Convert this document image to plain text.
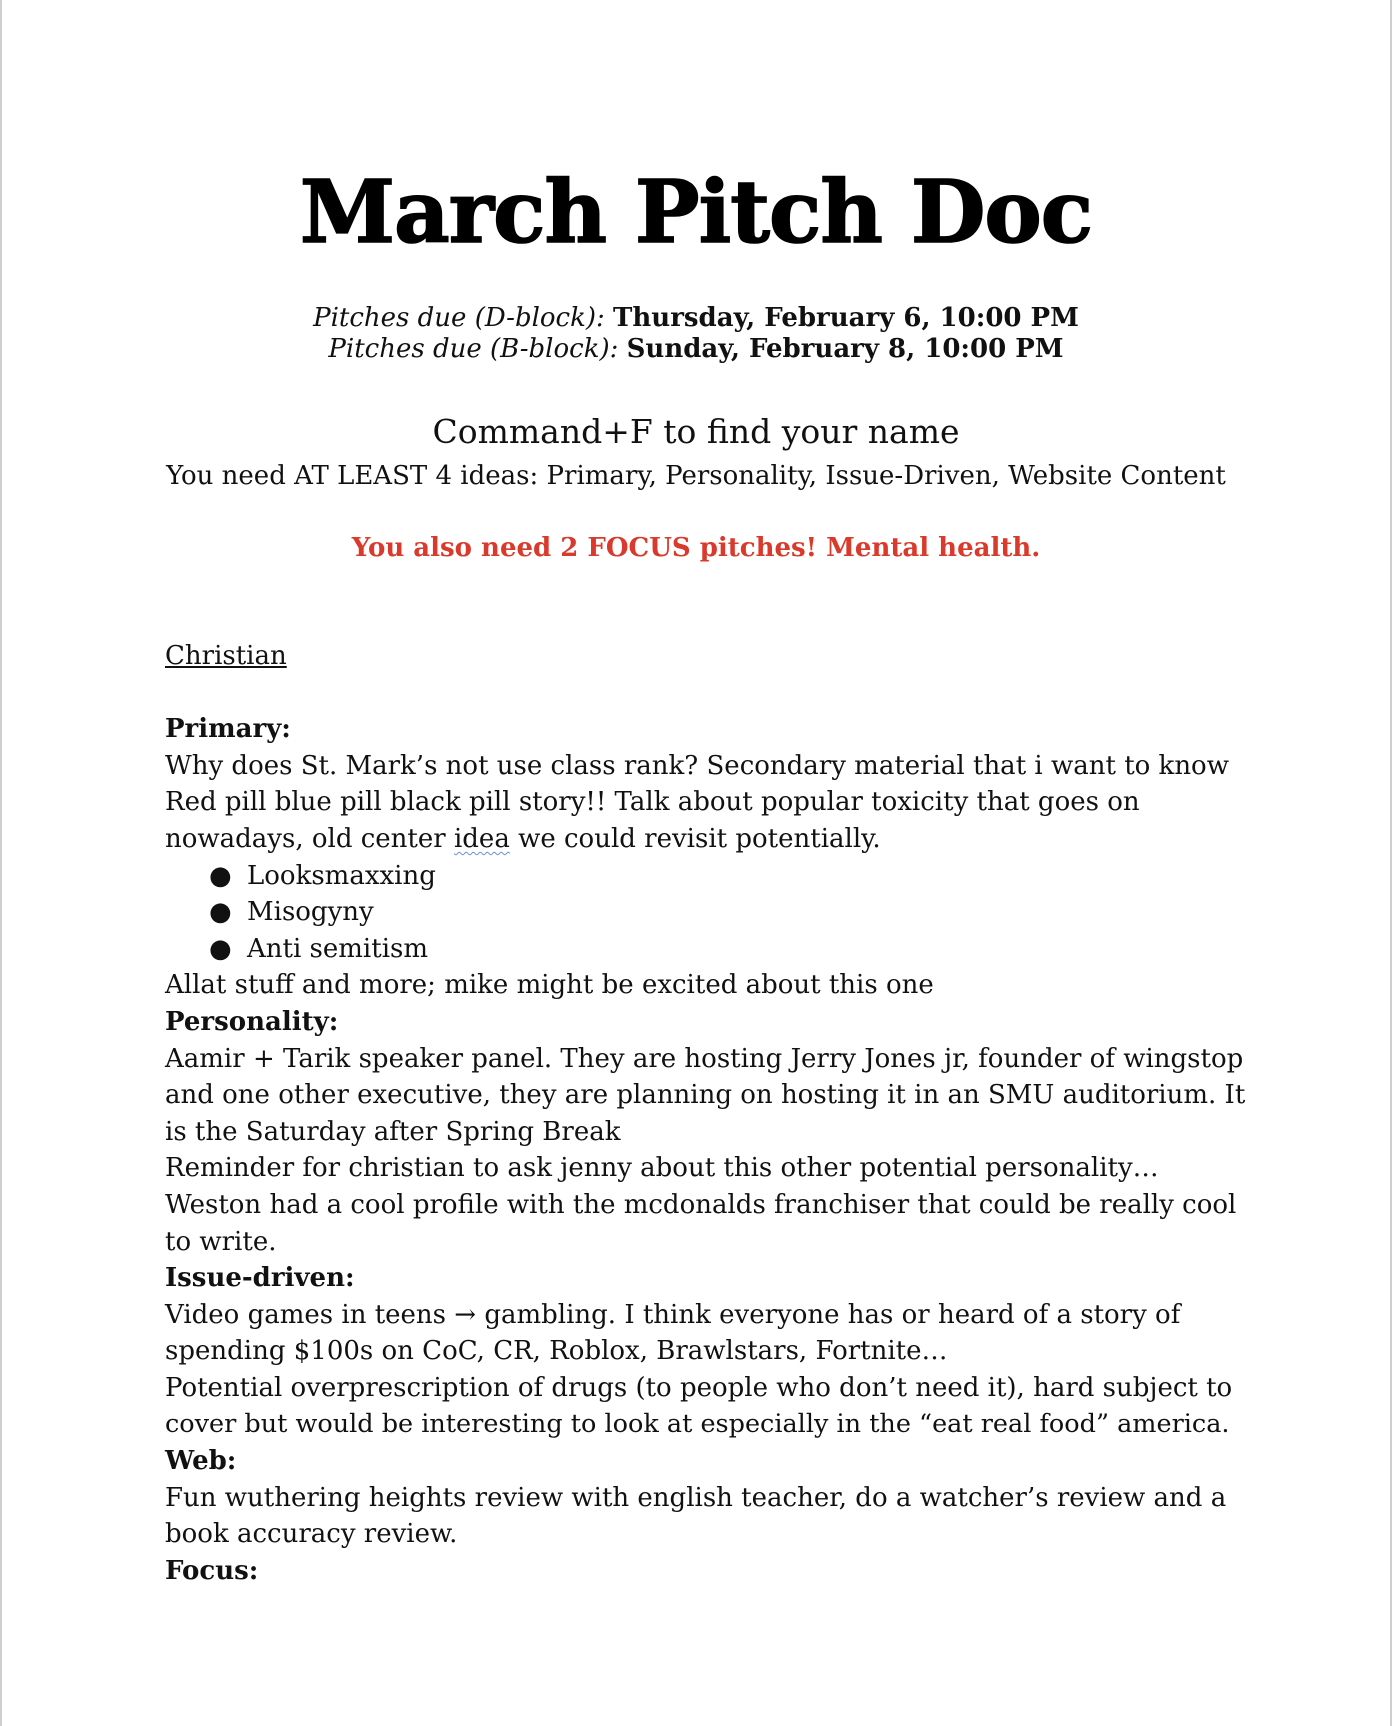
March Pitch Doc
Pitches due (D-block): Thursday, February 6, 10:00 PM
Pitches due (B-block): Sunday, February 8, 10:00 PM
Command+F to find your name
You need AT LEAST 4 ideas: Primary, Personality, Issue-Driven, Website Content
You also need 2 FOCUS pitches! Mental health.
Christian
Primary:
Why does St. Mark’s not use class rank? Secondary material that i want to know
Red pill blue pill black pill story!! Talk about popular toxicity that goes on
nowadays, old center idea we could revisit potentially.
● Looksmaxxing
● Misogyny
● Anti semitism
Allat stuff and more; mike might be excited about this one
Personality:
Aamir + Tarik speaker panel. They are hosting Jerry Jones jr, founder of wingstop
and one other executive, they are planning on hosting it in an SMU auditorium. It
is the Saturday after Spring Break
Reminder for christian to ask jenny about this other potential personality…
Weston had a cool profile with the mcdonalds franchiser that could be really cool
to write.
Issue-driven:
Video games in teens → gambling. I think everyone has or heard of a story of
spending $100s on CoC, CR, Roblox, Brawlstars, Fortnite…
Potential overprescription of drugs (to people who don’t need it), hard subject to
cover but would be interesting to look at especially in the “eat real food” america.
Web:
Fun wuthering heights review with english teacher, do a watcher’s review and a
book accuracy review.
Focus:
